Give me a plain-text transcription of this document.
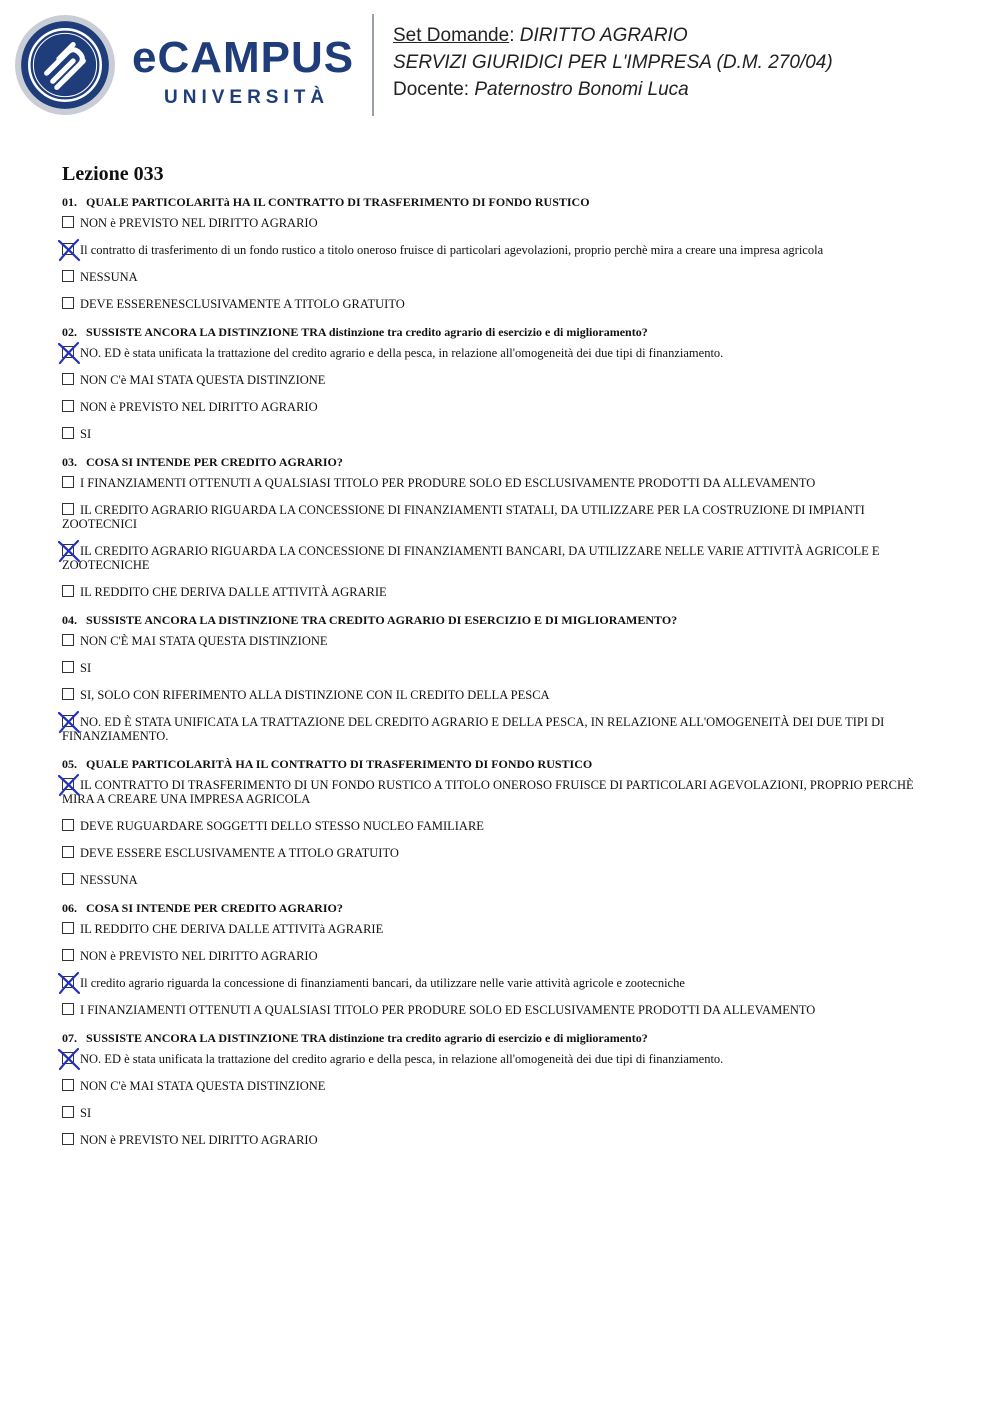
eCAMPUS
UNIVERSITÀ
Set Domande: DIRITTO AGRARIO
SERVIZI GIURIDICI PER L'IMPRESA (D.M. 270/04)
Docente: Paternostro Bonomi Luca
Lezione 033
01. QUALE PARTICOLARITà HA IL CONTRATTO DI TRASFERIMENTO DI FONDO RUSTICO
NON è PREVISTO NEL DIRITTO AGRARIO
Il contratto di trasferimento di un fondo rustico a titolo oneroso fruisce di particolari agevolazioni, proprio perchè mira a creare una impresa agricola
NESSUNA
DEVE ESSERENESCLUSIVAMENTE A TITOLO GRATUITO
02. SUSSISTE ANCORA LA DISTINZIONE TRA distinzione tra credito agrario di esercizio e di miglioramento?
NO. ED è stata unificata la trattazione del credito agrario e della pesca, in relazione all'omogeneità dei due tipi di finanziamento.
NON C'è MAI STATA QUESTA DISTINZIONE
NON è PREVISTO NEL DIRITTO AGRARIO
SI
03. COSA SI INTENDE PER CREDITO AGRARIO?
I FINANZIAMENTI OTTENUTI A QUALSIASI TITOLO PER PRODURE SOLO ED ESCLUSIVAMENTE PRODOTTI DA ALLEVAMENTO
IL CREDITO AGRARIO RIGUARDA LA CONCESSIONE DI FINANZIAMENTI STATALI, DA UTILIZZARE PER LA COSTRUZIONE DI IMPIANTI ZOOTECNICI
IL CREDITO AGRARIO RIGUARDA LA CONCESSIONE DI FINANZIAMENTI BANCARI, DA UTILIZZARE NELLE VARIE ATTIVITÀ AGRICOLE E ZOOTECNICHE
IL REDDITO CHE DERIVA DALLE ATTIVITÀ AGRARIE
04. SUSSISTE ANCORA LA DISTINZIONE TRA CREDITO AGRARIO DI ESERCIZIO E DI MIGLIORAMENTO?
NON C'È MAI STATA QUESTA DISTINZIONE
SI
SI, SOLO CON RIFERIMENTO ALLA DISTINZIONE CON IL CREDITO DELLA PESCA
NO. ED È STATA UNIFICATA LA TRATTAZIONE DEL CREDITO AGRARIO E DELLA PESCA, IN RELAZIONE ALL'OMOGENEITÀ DEI DUE TIPI DI FINANZIAMENTO.
05. QUALE PARTICOLARITÀ HA IL CONTRATTO DI TRASFERIMENTO DI FONDO RUSTICO
IL CONTRATTO DI TRASFERIMENTO DI UN FONDO RUSTICO A TITOLO ONEROSO FRUISCE DI PARTICOLARI AGEVOLAZIONI, PROPRIO PERCHÈ MIRA A CREARE UNA IMPRESA AGRICOLA
DEVE RUGUARDARE SOGGETTI DELLO STESSO NUCLEO FAMILIARE
DEVE ESSERE ESCLUSIVAMENTE A TITOLO GRATUITO
NESSUNA
06. COSA SI INTENDE PER CREDITO AGRARIO?
IL REDDITO CHE DERIVA DALLE ATTIVITà AGRARIE
NON è PREVISTO NEL DIRITTO AGRARIO
Il credito agrario riguarda la concessione di finanziamenti bancari, da utilizzare nelle varie attività agricole e zootecniche
I FINANZIAMENTI OTTENUTI A QUALSIASI TITOLO PER PRODURE SOLO ED ESCLUSIVAMENTE PRODOTTI DA ALLEVAMENTO
07. SUSSISTE ANCORA LA DISTINZIONE TRA distinzione tra credito agrario di esercizio e di miglioramento?
NO. ED è stata unificata la trattazione del credito agrario e della pesca, in relazione all'omogeneità dei due tipi di finanziamento.
NON C'è MAI STATA QUESTA DISTINZIONE
SI
NON è PREVISTO NEL DIRITTO AGRARIO
